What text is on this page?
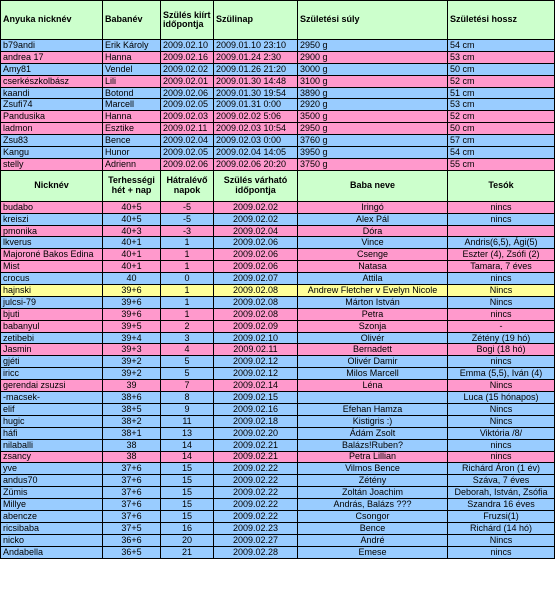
Anyuka nicknév	Babanév	Szülés kiírt időpontja	Szülinap	Születési súly	Születési hossz
b79andi	Erik Károly	2009.02.10	2009.01.10 23:10	2950 g	54 cm
andrea 17	Hanna	2009.02.16	2009.01.24 2:30	2900 g	53 cm
Amy81	Vendel	2009.02.02	2009.01.26 21:20	3000 g	50 cm
cserkészkolbász	Lili	2009.02.01	2009.01.30 14:48	3100 g	52 cm
kaandi	Botond	2009.02.06	2009.01.30 19:54	3890 g	51 cm
Zsufi74	Marcell	2009.02.05	2009.01.31 0:00	2920 g	53 cm
Pandusika	Hanna	2009.02.03	2009.02.02 5:06	3500 g	52 cm
ladmon	Esztike	2009.02.11	2009.02.03 10:54	2950 g	50 cm
Zsu83	Bence	2009.02.04	2009.02.03 0:00	3760 g	57 cm
Kangu	Hunor	2009.02.05	2009.02.04 14:05	3950 g	54 cm
stelly	Adrienn	2009.02.06	2009.02.06 20:20	3750 g	55 cm
Nicknév	Terhességi hét + nap	Hátralévő napok	Szülés várható időpontja	Baba neve	Tesók
budabo	40+5	-5	2009.02.02	Iringó	nincs
kreiszi	40+5	-5	2009.02.02	Alex Pál	nincs
pmonika	40+3	-3	2009.02.04	Dóra	
lkverus	40+1	1	2009.02.06	Vince	Andris(6,5), Ági(5)
Majoroné Bakos Edina	40+1	1	2009.02.06	Csenge	Eszter (4), Zsófi (2)
Mist	40+1	1	2009.02.06	Natasa	Tamara, 7 éves
crocus	40	0	2009.02.07	Attila	nincs
hajnski	39+6	1	2009.02.08	Andrew Fletcher v Evelyn Nicole	Nincs
julcsi-79	39+6	1	2009.02.08	Márton István	Nincs
bjuti	39+6	1	2009.02.08	Petra	nincs
babanyul	39+5	2	2009.02.09	Szonja	-
zetibebi	39+4	3	2009.02.10	Olivér	Zétény (19 hó)
Jasmin	39+3	4	2009.02.11	Bernadett	Bogi (18 hó)
gjéti	39+2	5	2009.02.12	Olivér Damir	nincs
iricc	39+2	5	2009.02.12	Milos Marcell	Emma (5,5), Iván (4)
gerendai zsuzsi	39	7	2009.02.14	Léna	Nincs
-macsek-	38+6	8	2009.02.15		Luca (15 hónapos)
elif	38+5	9	2009.02.16	Efehan Hamza	Nincs
hugic	38+2	11	2009.02.18	Kistigris :)	Nincs
háfi	38+1	13	2009.02.20	Ádám Zsolt	Viktória /8/
nilaballi	38	14	2009.02.21	Balázs!Ruben?	nincs
zsancy	38	14	2009.02.21	Petra Lillian	nincs
yve	37+6	15	2009.02.22	Vilmos Bence	Richárd Áron (1 év)
andus70	37+6	15	2009.02.22	Zétény	Száva, 7 éves
Zümis	37+6	15	2009.02.22	Zoltán Joachim	Deborah, István, Zsófia
Millye	37+6	15	2009.02.22	András, Balázs ???	Szandra 16 éves
abencze	37+6	15	2009.02.22	Csongor	Fruzsi(1)
ricsibaba	37+5	16	2009.02.23	Bence	Richárd (14 hó)
nicko	36+6	20	2009.02.27	André	Nincs
Andabella	36+5	21	2009.02.28	Emese	nincs
